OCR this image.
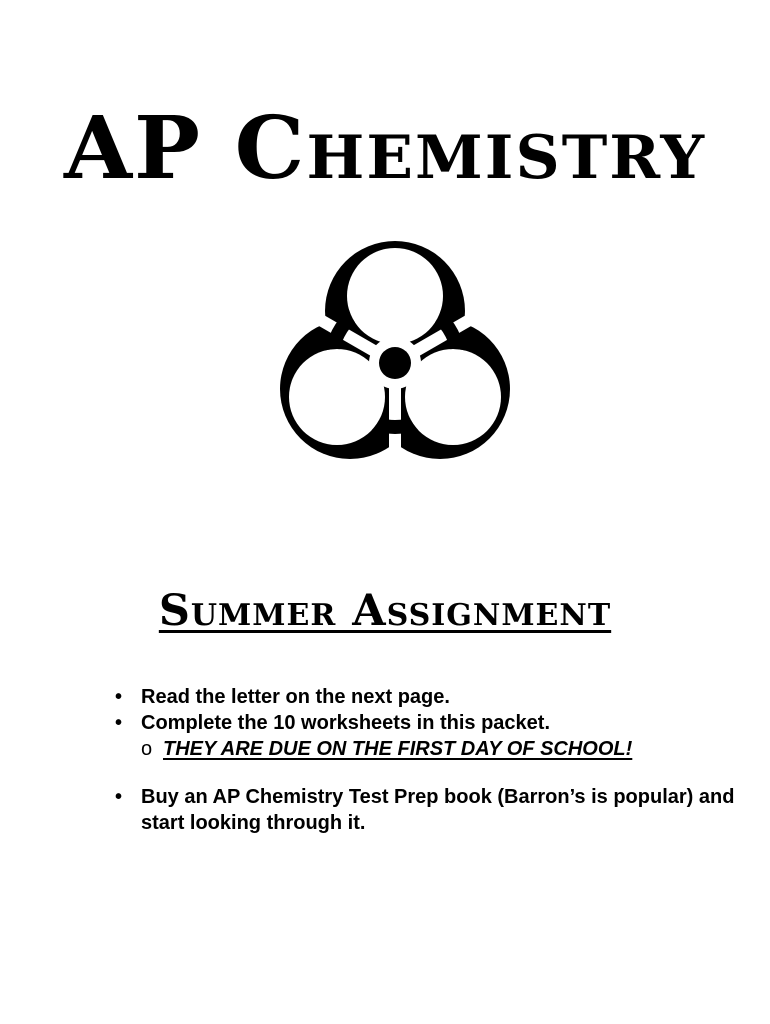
AP Chemistry
Summer Assignment
• Read the letter on the next page.
• Complete the 10 worksheets in this packet.
o THEY ARE DUE ON THE FIRST DAY OF SCHOOL!
• Buy an AP Chemistry Test Prep book (Barron’s is popular) and start looking through it.
